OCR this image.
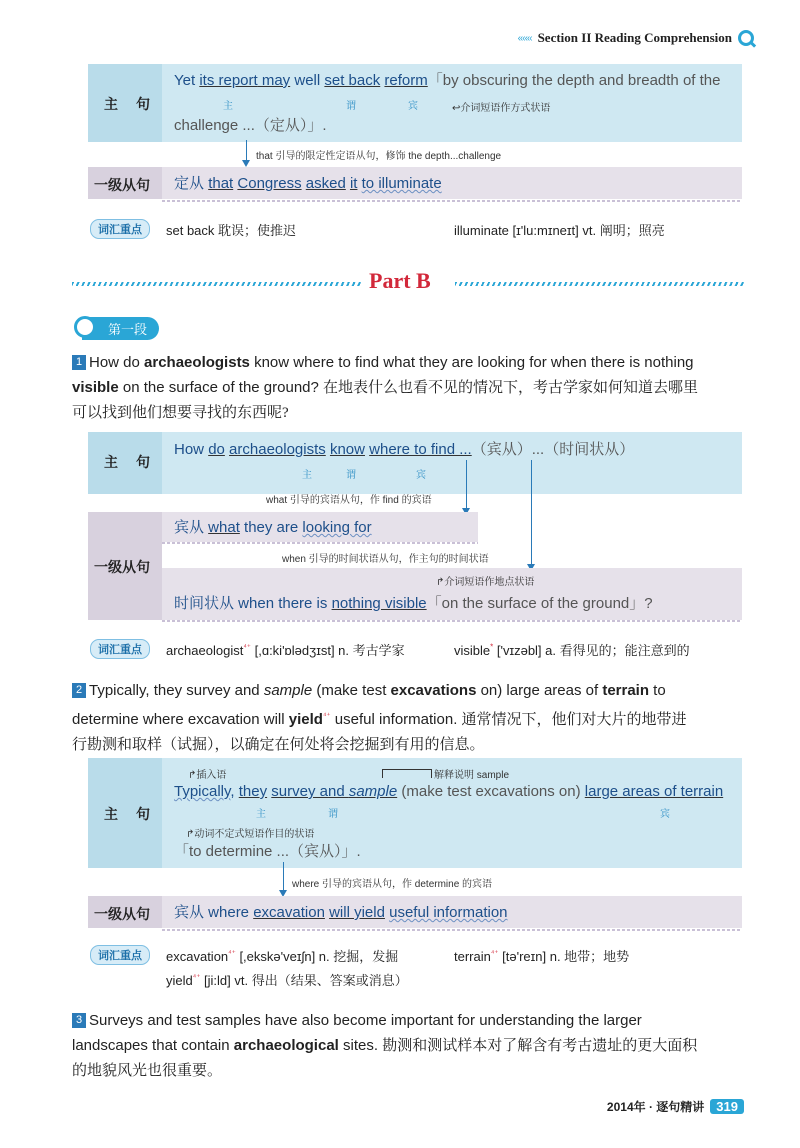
‹‹‹‹‹‹ Section II Reading Comprehension
主　句
Yet its report may well set back reform「by obscuring the depth and breadth of the
主	谓	宾	↩介词短语作方式状语
challenge ...（定从）」.
that 引导的限定性定语从句，修饰 the depth...challenge
一级从句 定从 that Congress asked it to illuminate
词汇重点	set back 耽误；使推迟	illuminate [ɪ'lu:mɪneɪt] vt. 阐明；照亮
Part B
第一段
1 How do archaeologists know where to find what they are looking for when there is nothing
visible on the surface of the ground? 在地表什么也看不见的情况下，考古学家如何知道去哪里
可以找到他们想要寻找的东西呢?
主　句
How do archaeologists know where to find ...（宾从）...（时间状从）
主	谓	宾
what 引导的宾语从句，作 find 的宾语
一级从句
宾从 what they are looking for
when 引导的时间状语从句，作主句的时间状语
↱介词短语作地点状语
时间状从 when there is nothing visible「on the surface of the ground」?
词汇重点	archaeologist$^{^{4+}}$ [,ɑ:ki'ɒlədʒɪst] n. 考古学家	visible* ['vɪzəbl] a. 看得见的；能注意到的
2 Typically, they survey and sample (make test excavations on) large areas of terrain to
determine where excavation will yield$^{^{4+}}$ useful information. 通常情况下，他们对大片的地带进
行勘测和取样（试掘），以确定在何处将会挖掘到有用的信息。
主　句
↱插入语	解释说明 sample
Typically, they survey and sample (make test excavations on) large areas of terrain
主	谓	宾
↱动词不定式短语作目的状语
「to determine ...（宾从）」.
where 引导的宾语从句，作 determine 的宾语
一级从句 宾从 where excavation will yield useful information
词汇重点	excavation$^{^{4+}}$ [,ekskə'veɪʃn] n. 挖掘，发掘	terrain$^{^{4+}}$ [tə'reɪn] n. 地带；地势
yield$^{^{4+}}$ [ji:ld] vt. 得出（结果、答案或消息）
3 Surveys and test samples have also become important for understanding the larger
landscapes that contain archaeological sites. 勘测和测试样本对了解含有考古遗址的更大面积
的地貌风光也很重要。
2014年 · 逐句精讲 319
